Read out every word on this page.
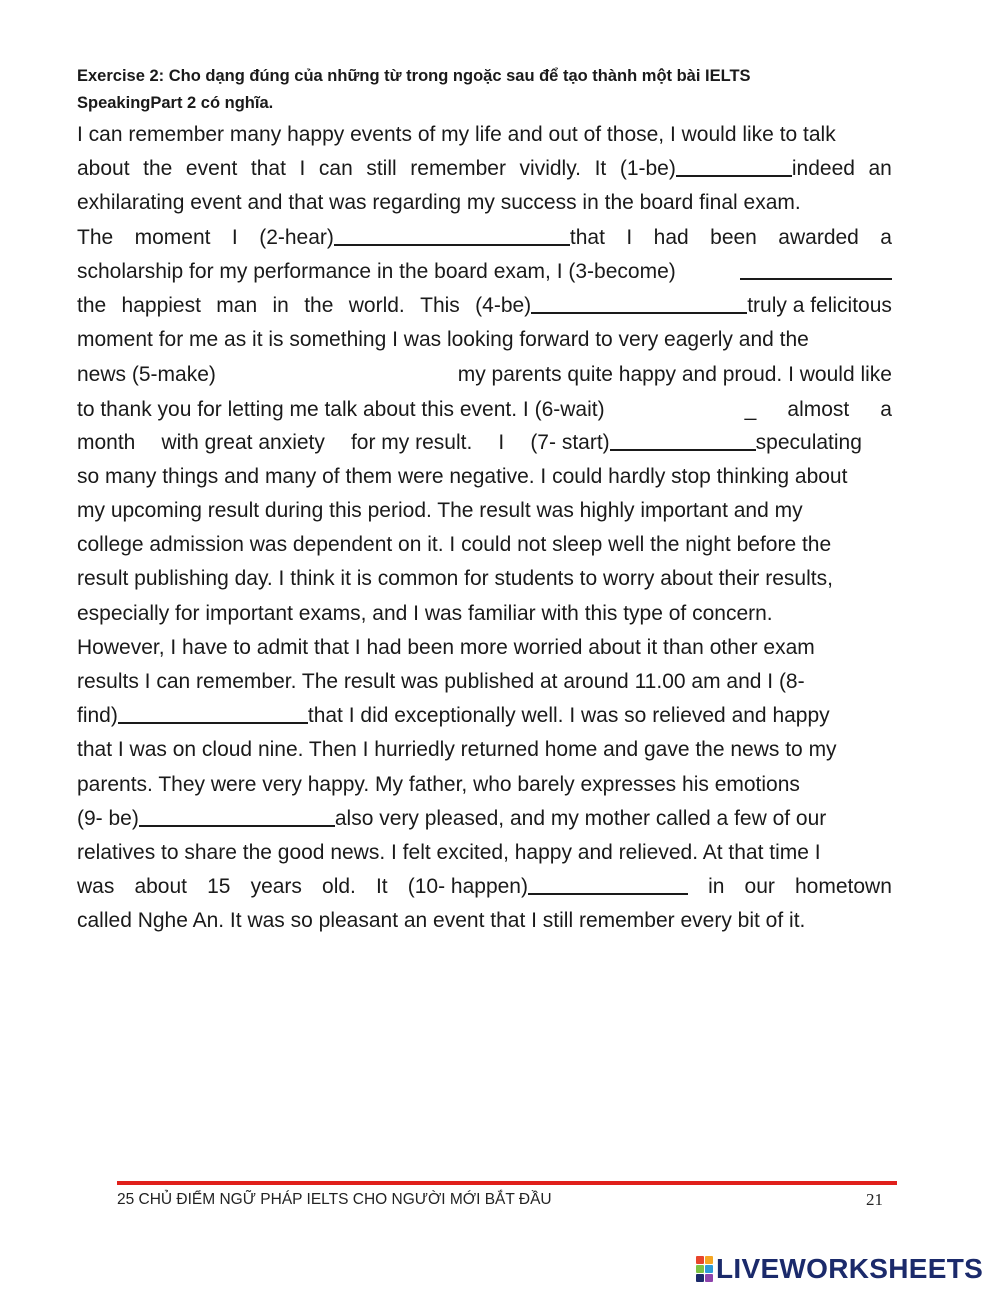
Exercise 2: Cho dạng đúng của những từ trong ngoặc sau để tạo thành một bài IELTS
SpeakingPart 2 có nghĩa.
I can remember many happy events of my life and out of those, I would like to talk
about the event that I can still remember vividly. It (1-be)	indeed an
exhilarating event and that was regarding my success in the board final exam.
The moment I (2-hear)	that I had been awarded a
scholarship for my performance in the board exam, I (3-become)
the happiest man in the world. This (4-be)	truly a felicitous
moment for me as it is something I was looking forward to very eagerly and the
news (5-make)	my parents quite happy and proud. I would like
to thank you for letting me talk about this event. I (6-wait)	_ almost a
month with great anxiety for my result. I (7- start)	speculating
so many things and many of them were negative. I could hardly stop thinking about
my upcoming result during this period. The result was highly important and my
college admission was dependent on it. I could not sleep well the night before the
result publishing day. I think it is common for students to worry about their results,
especially for important exams, and I was familiar with this type of concern.
However, I have to admit that I had been more worried about it than other exam
results I can remember. The result was published at around 11.00 am and I (8-
find)	that I did exceptionally well. I was so relieved and happy
that I was on cloud nine. Then I hurriedly returned home and gave the news to my
parents. They were very happy. My father, who barely expresses his emotions
(9- be)	also very pleased, and my mother called a few of our
relatives to share the good news. I felt excited, happy and relieved. At that time I
was about 15 years old. It (10- happen)	in our hometown
called Nghe An. It was so pleasant an event that I still remember every bit of it.
25 CHỦ ĐIỂM NGỮ PHÁP IELTS CHO NGƯỜI MỚI BẮT ĐẦU	21
LIVEWORKSHEETS
